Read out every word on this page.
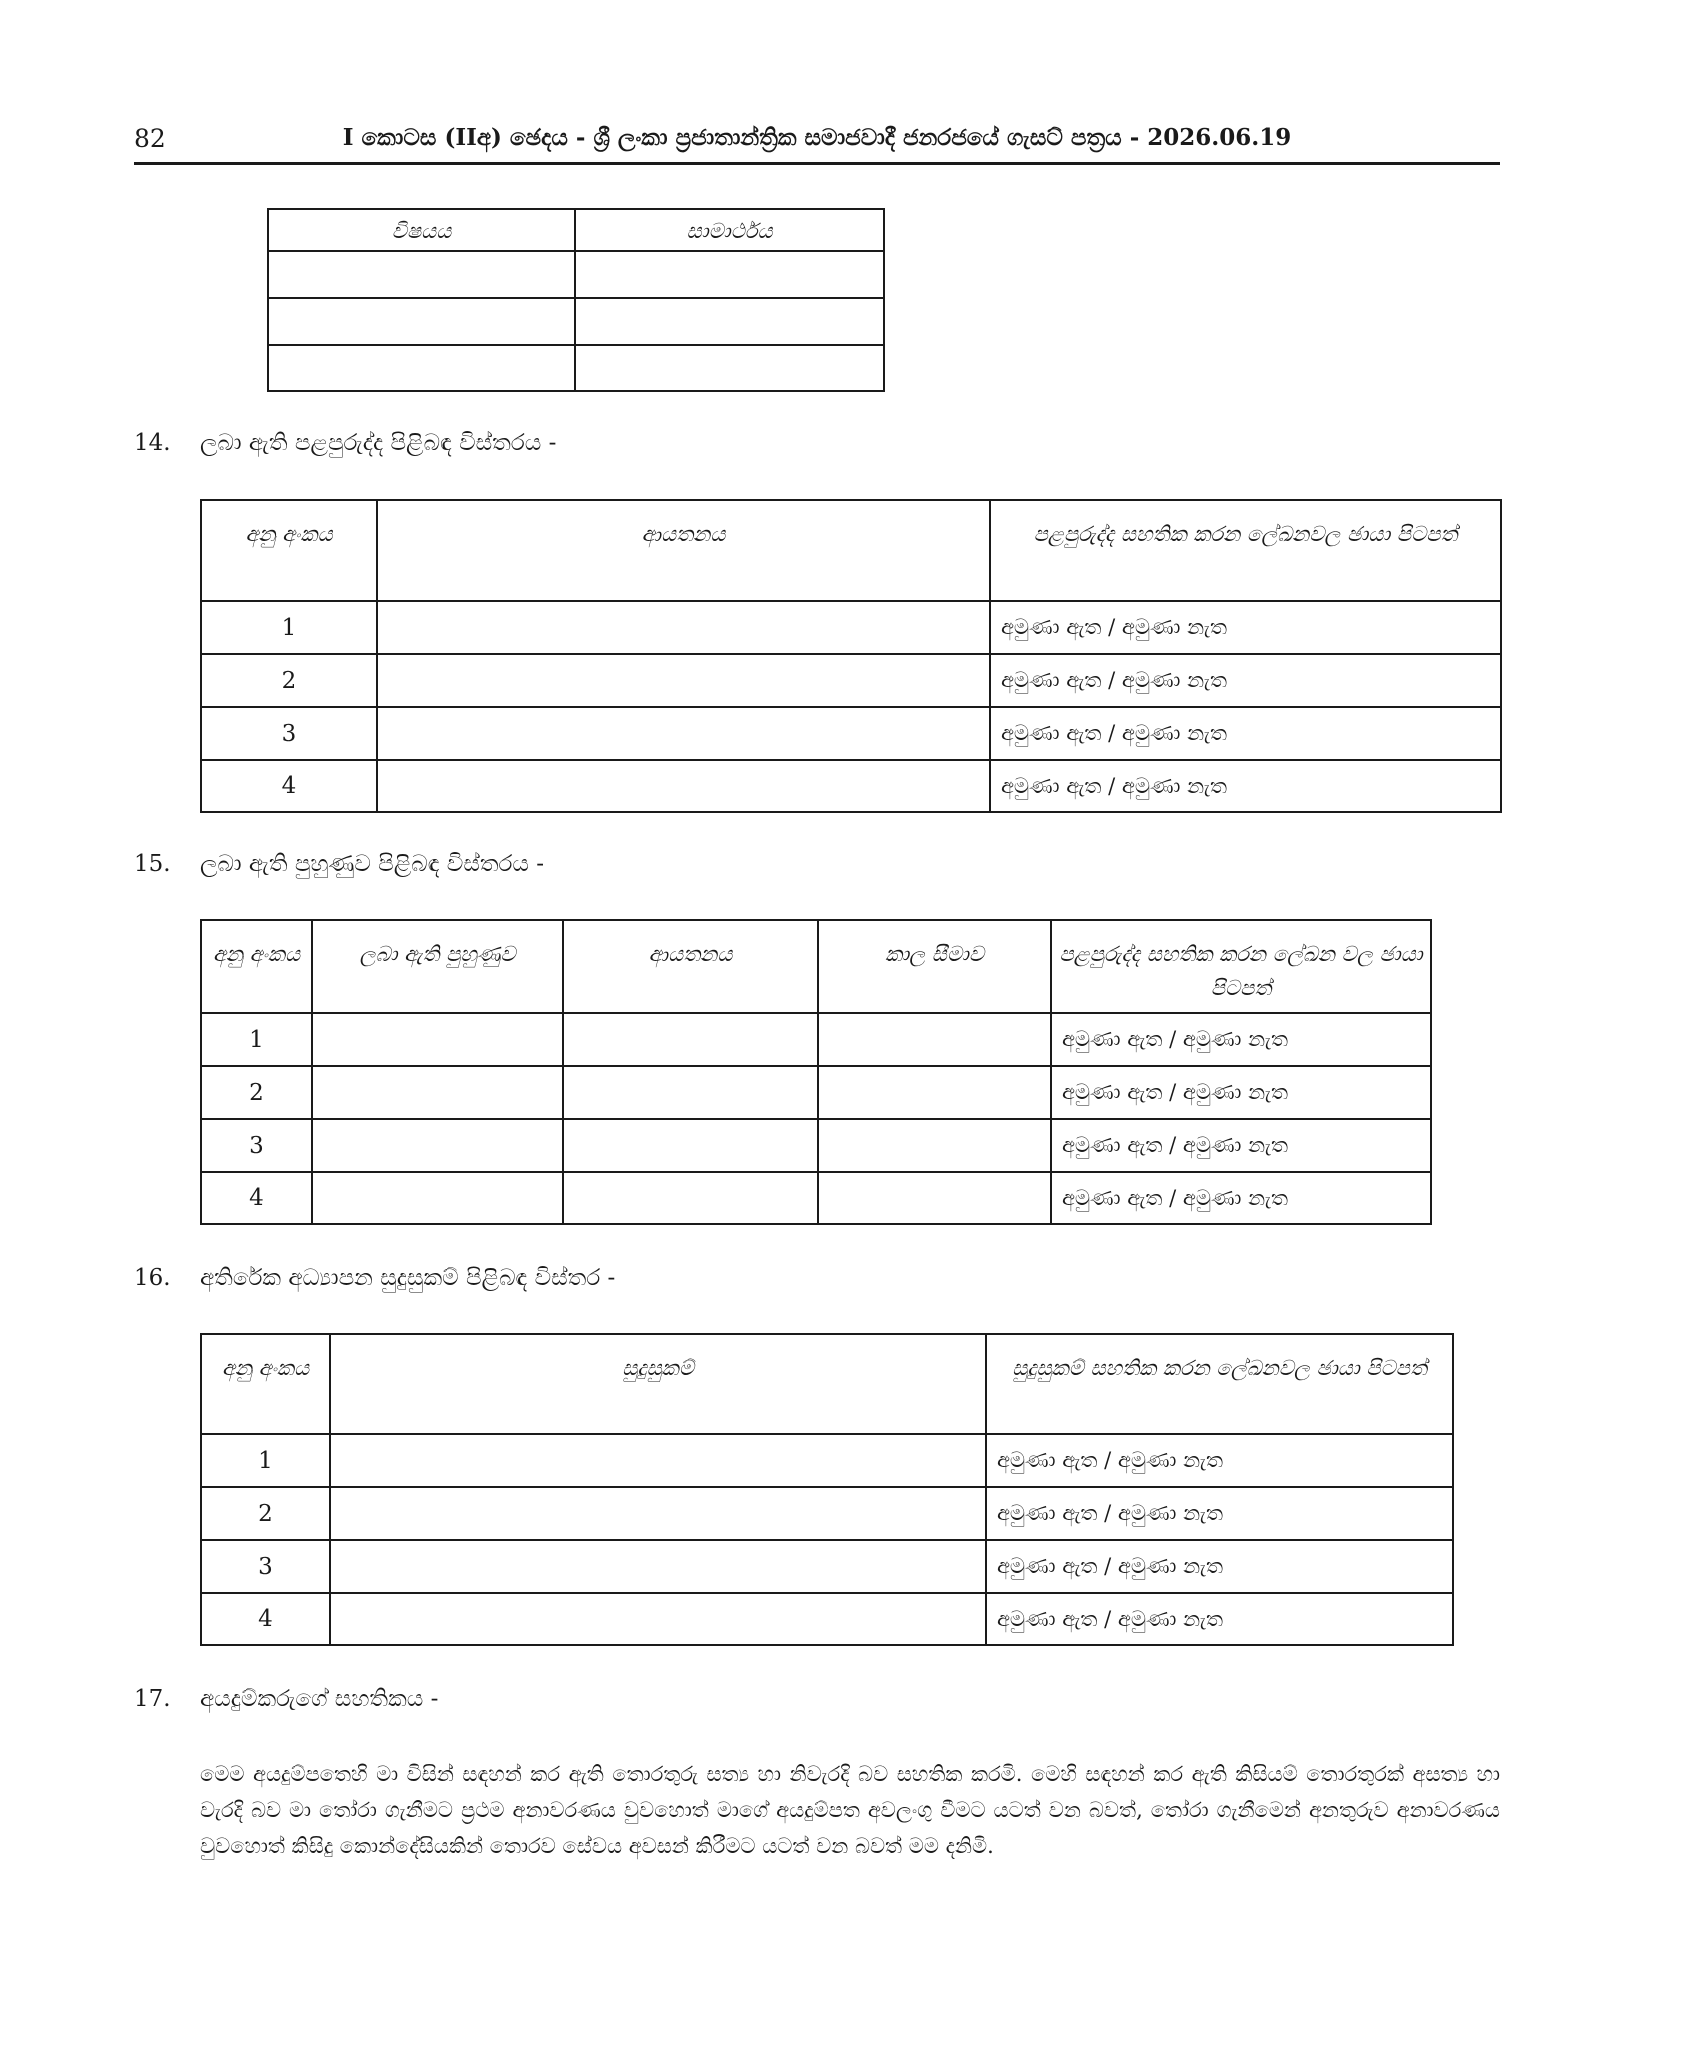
82	I කොටස (IIඅ) ඡෙදය - ශ්‍රී ලංකා ප්‍රජාතාන්ත්‍රික සමාජවාදී ජනරජයේ ගැසට් පත්‍රය - 2026.06.19
විෂයය	සාමාර්ථය

14. ලබා ඇති පළපුරුද්ද පිළිබඳ විස්තරය -
අනු අංකය	ආයතනය	පළපුරුද්ද සහතික කරන ලේඛනවල ඡායා පිටපත්
1		අමුණා ඇත / අමුණා නැත
2		අමුණා ඇත / අමුණා නැත
3		අමුණා ඇත / අමුණා නැත
4		අමුණා ඇත / අමුණා නැත
15. ලබා ඇති පුහුණුව පිළිබඳ විස්තරය -
අනු අංකය	ලබා ඇති පුහුණුව	ආයතනය	කාල සීමාව	පළපුරුද්ද සහතික කරන ලේඛන වල ඡායා පිටපත්
1				අමුණා ඇත / අමුණා නැත
2				අමුණා ඇත / අමුණා නැත
3				අමුණා ඇත / අමුණා නැත
4				අමුණා ඇත / අමුණා නැත
16. අතිරේක අධ්‍යාපන සුදුසුකම් පිළිබඳ විස්තර -
අනු අංකය	සුදුසුකම්	සුදුසුකම් සහතික කරන ලේඛනවල ඡායා පිටපත්
1		අමුණා ඇත / අමුණා නැත
2		අමුණා ඇත / අමුණා නැත
3		අමුණා ඇත / අමුණා නැත
4		අමුණා ඇත / අමුණා නැත
17. අයදුම්කරුගේ සහතිකය -
මෙම අයදුම්පතෙහි මා විසින් සඳහන් කර ඇති තොරතුරු සත්‍ය හා නිවැරදි බව සහතික කරමි. මෙහි සඳහන් කර ඇති කිසියම් තොරතුරක් අසත්‍ය හා වැරදි බව මා තෝරා ගැනීමට ප්‍රථම අනාවරණය වුවහොත් මාගේ අයදුම්පත අවලංගු වීමට යටත් වන බවත්, තෝරා ගැනීමෙන් අනතුරුව අනාවරණය වුවහොත් කිසිදු කොන්දේසියකින් තොරව සේවය අවසන් කිරීමට යටත් වන බවත් මම දනිමි.
